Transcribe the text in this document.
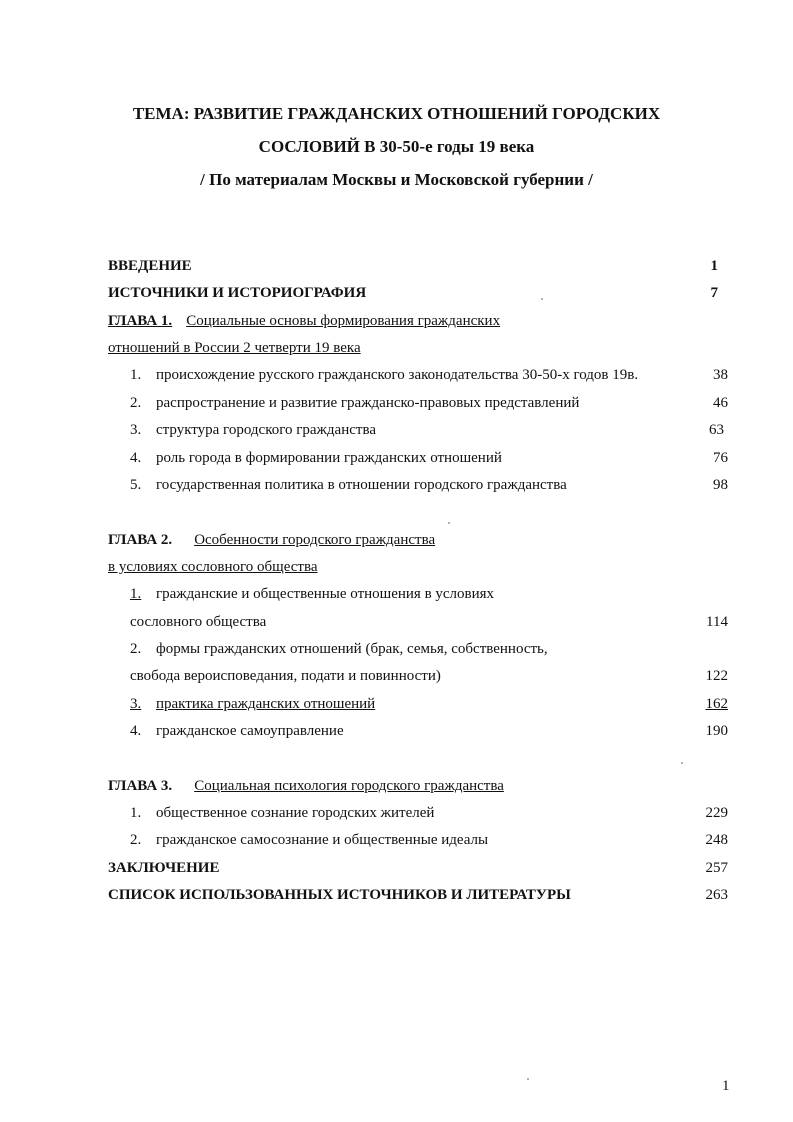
ТЕМА: РАЗВИТИЕ ГРАЖДАНСКИХ ОТНОШЕНИЙ ГОРОДСКИХ
СОСЛОВИЙ В 30-50-е годы 19 века
/ По материалам Москвы и Московской губернии /
ВВЕДЕНИЕ	1
ИСТОЧНИКИ И ИСТОРИОГРАФИЯ	7
ГЛАВА 1. Социальные основы формирования гражданских
отношений в России 2 четверти 19 века
1. происхождение русского гражданского законодательства 30-50-х годов 19в.	38
2. распространение и развитие гражданско-правовых представлений	46
3. структура городского гражданства	63
4. роль города в формировании гражданских отношений	76
5. государственная политика в отношении городского гражданства	98
ГЛАВА 2. Особенности городского гражданства
в условиях сословного общества
1. гражданские и общественные отношения в условиях
сословного общества	114
2. формы гражданских отношений (брак, семья, собственность,
свобода вероисповедания, подати и повинности)	122
3. практика гражданских отношений	162
4. гражданское самоуправление	190
ГЛАВА 3. Социальная психология городского гражданства
1. общественное сознание городских жителей	229
2. гражданское самосознание и общественные идеалы	248
ЗАКЛЮЧЕНИЕ	257
СПИСОК ИСПОЛЬЗОВАННЫХ ИСТОЧНИКОВ И ЛИТЕРАТУРЫ	263
1
